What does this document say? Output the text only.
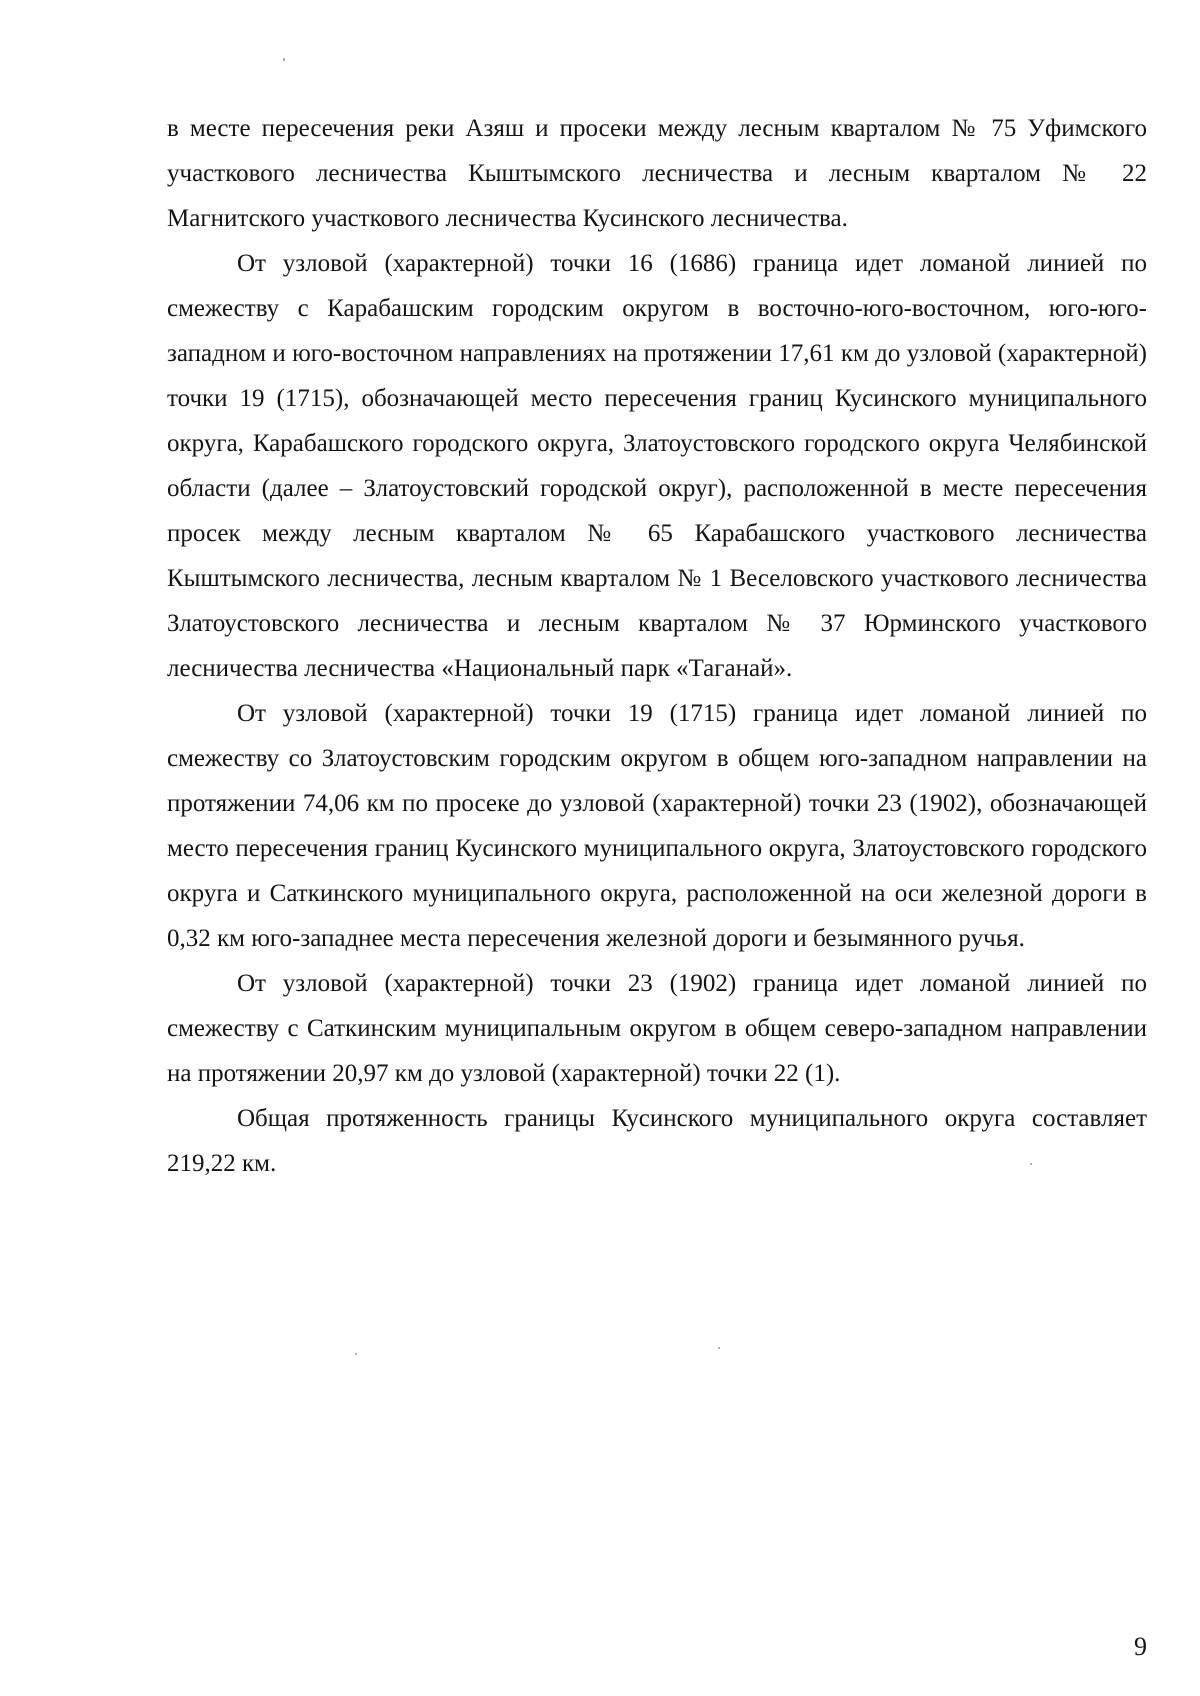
в месте пересечения реки Азяш и просеки между лесным кварталом № 75 Уфимского участкового лесничества Кыштымского лесничества и лесным кварталом № 22 Магнитского участкового лесничества Кусинского лесничества.

От узловой (характерной) точки 16 (1686) граница идет ломаной линией по смежеству с Карабашским городским округом в восточно-юго-восточном, юго-юго-западном и юго-восточном направлениях на протяжении 17,61 км до узловой (характерной) точки 19 (1715), обозначающей место пересечения границ Кусинского муниципального округа, Карабашского городского округа, Златоустовского городского округа Челябинской области (далее – Златоустовский городской округ), расположенной в месте пересечения просек между лесным кварталом № 65 Карабашского участкового лесничества Кыштымского лесничества, лесным кварталом № 1 Веселовского участкового лесничества Златоустовского лесничества и лесным кварталом № 37 Юрминского участкового лесничества лесничества «Национальный парк «Таганай».

От узловой (характерной) точки 19 (1715) граница идет ломаной линией по смежеству со Златоустовским городским округом в общем юго-западном направлении на протяжении 74,06 км по просеке до узловой (характерной) точки 23 (1902), обозначающей место пересечения границ Кусинского муниципального округа, Златоустовского городского округа и Саткинского муниципального округа, расположенной на оси железной дороги в 0,32 км юго-западнее места пересечения железной дороги и безымянного ручья.

От узловой (характерной) точки 23 (1902) граница идет ломаной линией по смежеству с Саткинским муниципальным округом в общем северо-западном направлении на протяжении 20,97 км до узловой (характерной) точки 22 (1).

Общая протяженность границы Кусинского муниципального округа составляет 219,22 км.

9
